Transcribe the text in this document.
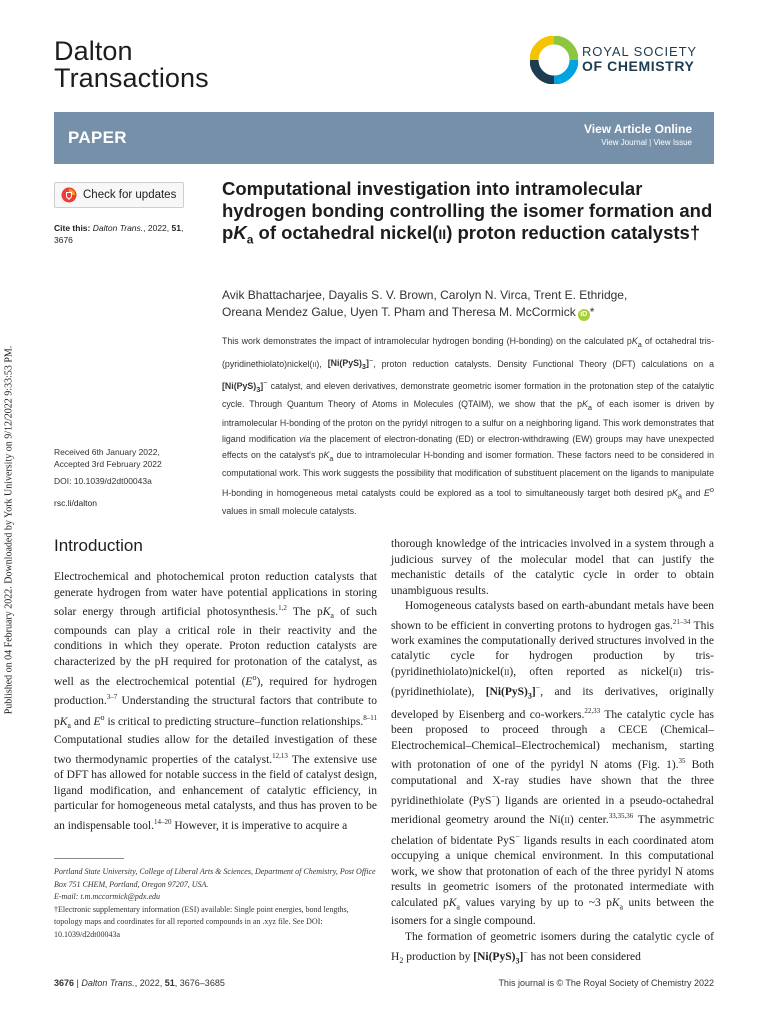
Published on 04 February 2022. Downloaded by York University on 9/12/2022 9:33:53 PM.
Dalton
Transactions
ROYAL SOCIETY
OF CHEMISTRY
PAPER	View Article Online
View Journal | View Issue
Check for updates
Cite this: Dalton Trans., 2022, 51,
3676
Computational investigation into intramolecular hydrogen bonding controlling the isomer formation and $pK_a$ of octahedral nickel(II) proton reduction catalysts†
Avik Bhattacharjee, Dayalis S. V. Brown, Carolyn N. Virca, Trent E. Ethridge,
Oreana Mendez Galue, Uyen T. Pham and Theresa M. McCormick iD *
This work demonstrates the impact of intramolecular hydrogen bonding (H-bonding) on the calculated $pK_a$ of octahedral tris-(pyridinethiolato)nickel(II), $[Ni(PyS)_3]^-$, proton reduction catalysts. Density Functional Theory (DFT) calculations on a $[Ni(PyS)_3]^-$ catalyst, and eleven derivatives, demonstrate geometric isomer formation in the protonation step of the catalytic cycle. Through Quantum Theory of Atoms in Molecules (QTAIM), we show that the $pK_a$ of each isomer is driven by intramolecular H-bonding of the proton on the pyridyl nitrogen to a sulfur on a neighboring ligand. This work demonstrates that ligand modification via the placement of electron-donating (ED) or electron-withdrawing (EW) groups may have unexpected effects on the catalyst's $pK_a$ due to intramolecular H-bonding and isomer formation. These factors need to be considered in computational work. This work suggests the possibility that modification of substituent placement on the ligands to manipulate H-bonding in homogeneous metal catalysts could be explored as a tool to simultaneously target both desired $pK_a$ and $E^o$ values in small molecule catalysts.
Received 6th January 2022,
Accepted 3rd February 2022
DOI: 10.1039/d2dt00043a
rsc.li/dalton
Introduction

Electrochemical and photochemical proton reduction catalysts that generate hydrogen from water have potential applications in storing solar energy through artificial photosynthesis.$^{1,2}$ The $pK_a$ of such compounds can play a critical role in their reactivity and the conditions in which they operate. Proton reduction catalysts are characterized by the pH required for protonation of the catalyst, as well as the electrochemical potential $(E^o)$, required for hydrogen production.$^{3-7}$ Understanding the structural factors that contribute to $pK_a$ and $E^o$ is critical to predicting structure–function relationships.$^{8-11}$ Computational studies allow for the detailed investigation of these two thermodynamic properties of the catalyst.$^{12,13}$ The extensive use of DFT has allowed for notable success in the field of catalyst design, ligand modification, and enhancement of catalytic efficiency, in particular for homogeneous metal catalysts, and thus has proven to be an indispensable tool.$^{14-20}$ However, it is imperative to acquire a

Portland State University, College of Liberal Arts & Sciences, Department of Chemistry, Post Office Box 751 CHEM, Portland, Oregon 97207, USA.
E-mail: t.m.mccormick@pdx.edu
†Electronic supplementary information (ESI) available: Single point energies, bond lengths, topology maps and coordinates for all reported compounds in an .xyz file. See DOI: 10.1039/d2dt00043a

thorough knowledge of the intricacies involved in a system through a judicious survey of the molecular model that can justify the mechanistic details of the catalytic cycle in order to obtain unambiguous results.

Homogeneous catalysts based on earth-abundant metals have been shown to be efficient in converting protons to hydrogen gas.$^{21-34}$ This work examines the computationally derived structures involved in the catalytic cycle for hydrogen production by tris-(pyridinethiolato)nickel(II), often reported as nickel(II) tris-(pyridinethiolate), $[Ni(PyS)_3]^-$, and its derivatives, originally developed by Eisenberg and co-workers.$^{22,33}$ The catalytic cycle has been proposed to proceed through a CECE (Chemical–Electrochemical–Chemical–Electrochemical) mechanism, starting with protonation of one of the pyridyl N atoms (Fig. 1).$^{35}$ Both computational and X-ray studies have shown that the three pyridinethiolate (PyS−) ligands are oriented in a pseudo-octahedral meridional geometry around the Ni(II) center.$^{33,35,36}$ The asymmetric chelation of bidentate PyS− ligands results in each coordinated atom occupying a unique chemical environment. In this computational work, we show that protonation of each of the three pyridyl N atoms results in geometric isomers of the protonated intermediate with calculated $pK_a$ values varying by up to ~3 $pK_a$ units between the isomers for a single compound.

The formation of geometric isomers during the catalytic cycle of $H_2$ production by $[Ni(PyS)_3]^-$ has not been considered

3676 | Dalton Trans., 2022, 51, 3676–3685	This journal is © The Royal Society of Chemistry 2022
